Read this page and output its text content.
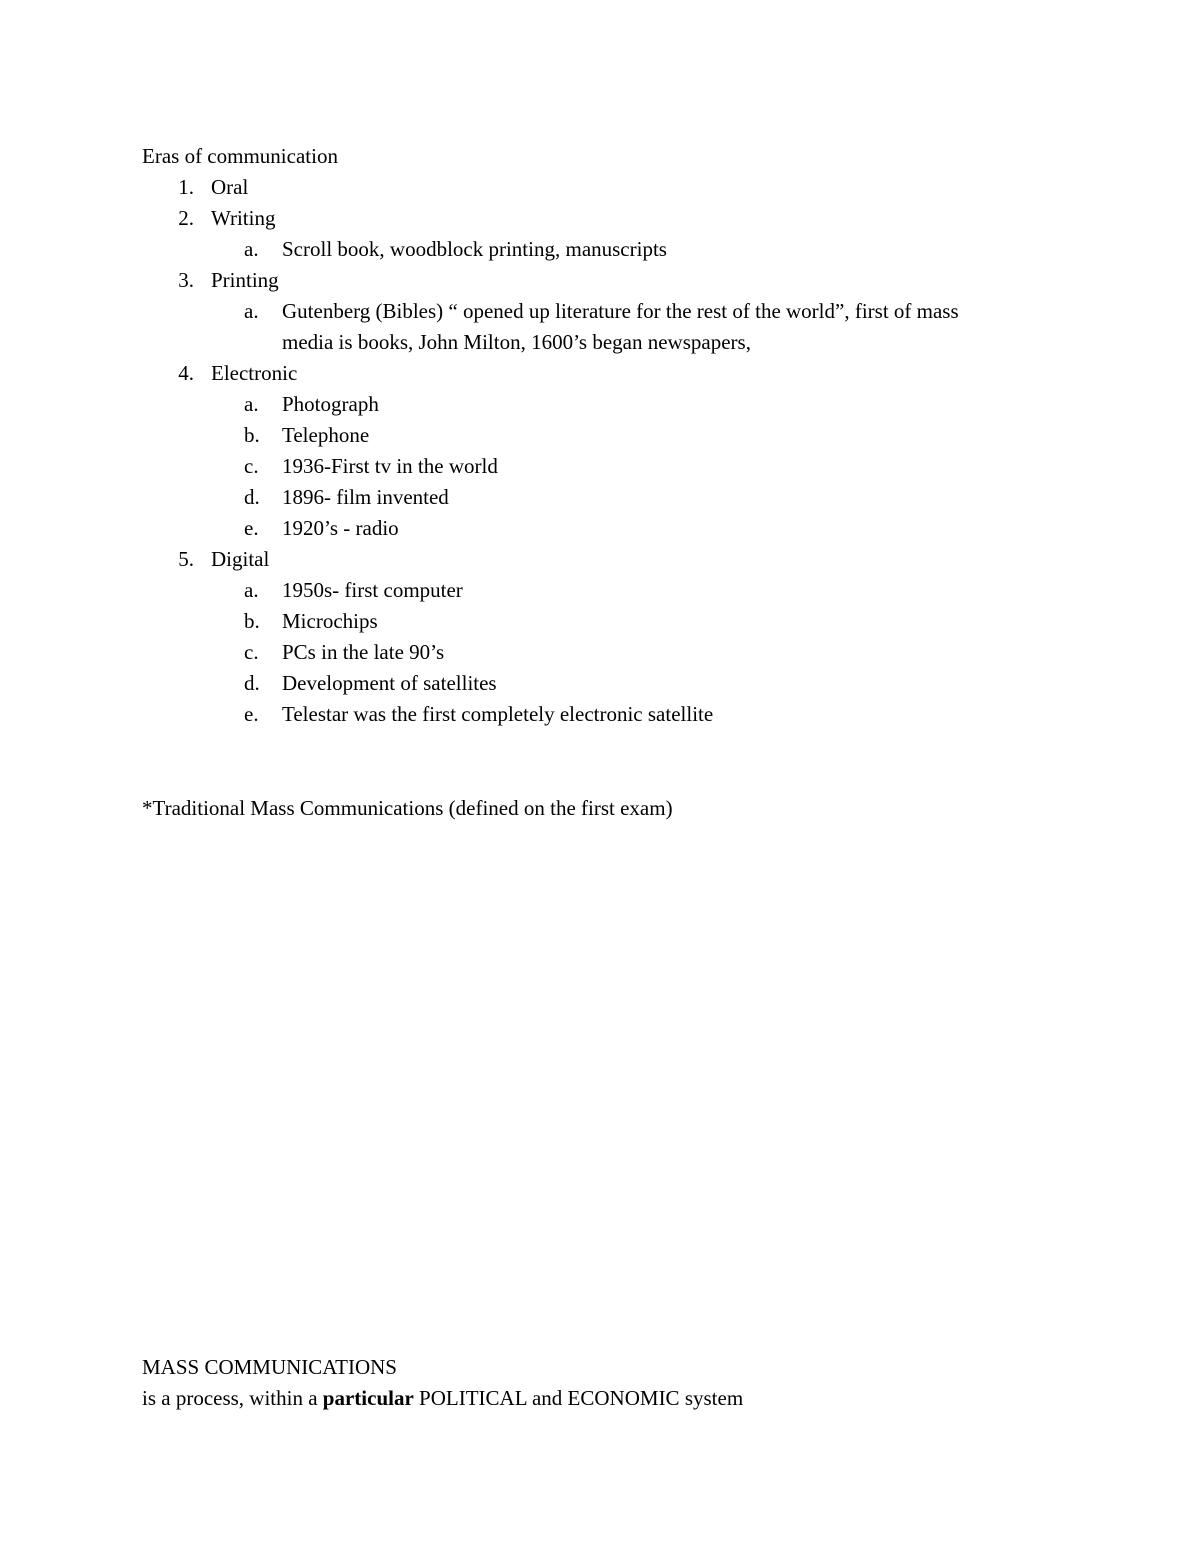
Eras of communication
1. Oral
2. Writing
a. Scroll book, woodblock printing, manuscripts
3. Printing
a. Gutenberg (Bibles) “ opened up literature for the rest of the world”, first of mass
media is books, John Milton, 1600’s began newspapers,
4. Electronic
a. Photograph
b. Telephone
c. 1936-First tv in the world
d. 1896- film invented
e. 1920’s - radio
5. Digital
a. 1950s- first computer
b. Microchips
c. PCs in the late 90’s
d. Development of satellites
e. Telestar was the first completely electronic satellite
*Traditional Mass Communications (defined on the first exam)
MASS COMMUNICATIONS
is a process, within a particular POLITICAL and ECONOMIC system
